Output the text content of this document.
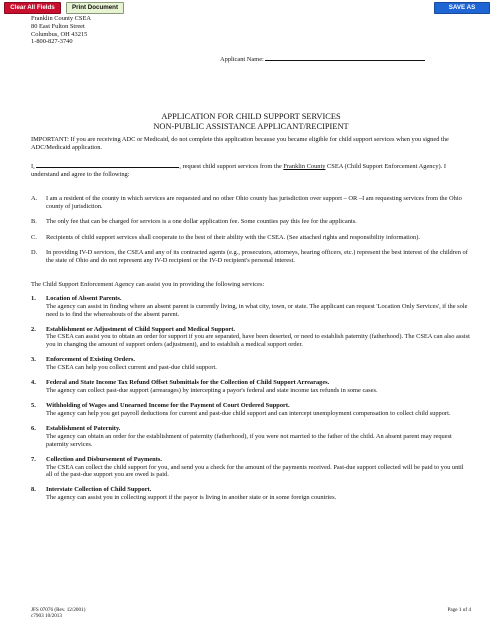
Clear All Fields	Print Document	SAVE AS
Franklin County CSEA
80 East Fulton Street
Columbus, OH 43215
1-800-827-3740
Applicant Name:
APPLICATION FOR CHILD SUPPORT SERVICES
NON-PUBLIC ASSISTANCE APPLICANT/RECIPIENT
IMPORTANT: If you are receiving ADC or Medicaid, do not complete this application because you became eligible for child support services when you signed the ADC/Medicaid application.
I,	, request child support services from the Franklin County CSEA (Child Support Enforcement Agency). I understand and agree to the following:
A.	I am a resident of the county in which services are requested and no other Ohio county has jurisdiction over support – OR –I am requesting services from the Ohio county of jurisdiction.
B.	The only fee that can be charged for services is a one dollar application fee. Some counties pay this fee for the applicants.
C.	Recipients of child support services shall cooperate to the best of their ability with the CSEA. (See attached rights and responsibility information).
D.	In providing IV-D services, the CSEA and any of its contracted agents (e.g., prosecutors, attorneys, hearing officers, etc.) represent the best interest of the children of the state of Ohio and do not represent any IV-D recipient or the IV-D recipient's personal interest.
The Child Support Enforcement Agency can assist you in providing the following services:
1.	Location of Absent Parents.
The agency can assist in finding where an absent parent is currently living, in what city, town, or state. The applicant can request 'Location Only Services', if the sole need is to find the whereabouts of the absent parent.
2.	Establishment or Adjustment of Child Support and Medical Support.
The CSEA can assist you to obtain an order for support if you are separated, have been deserted, or need to establish paternity (fatherhood). The CSEA can also assist you in changing the amount of support orders (adjustment), and to establish a medical support order.
3.	Enforcement of Existing Orders.
The CSEA can help you collect current and past-due child support.
4.	Federal and State Income Tax Refund Offset Submittals for the Collection of Child Support Arrearages.
The agency can collect past-due support (arrearages) by intercepting a payor's federal and state income tax refunds in some cases.
5.	Withholding of Wages and Unearned Income for the Payment of Court Ordered Support.
The agency can help you get payroll deductions for current and past-due child support and can intercept unemployment compensation to collect child support.
6.	Establishment of Paternity.
The agency can obtain an order for the establishment of paternity (fatherhood), if you were not married to the father of the child. An absent parent may request paternity services.
7.	Collection and Disbursement of Payments.
The CSEA can collect the child support for you, and send you a check for the amount of the payments received. Past-due support collected will be paid to you until all of the past-due support you are owed is paid.
8.	Interstate Collection of Child Support.
The agency can assist you in collecting support if the payor is living in another state or in some foreign countries.
JFS 07076 (Rev. 12/2001)
c7903 10/2013
Page 1 of 4
